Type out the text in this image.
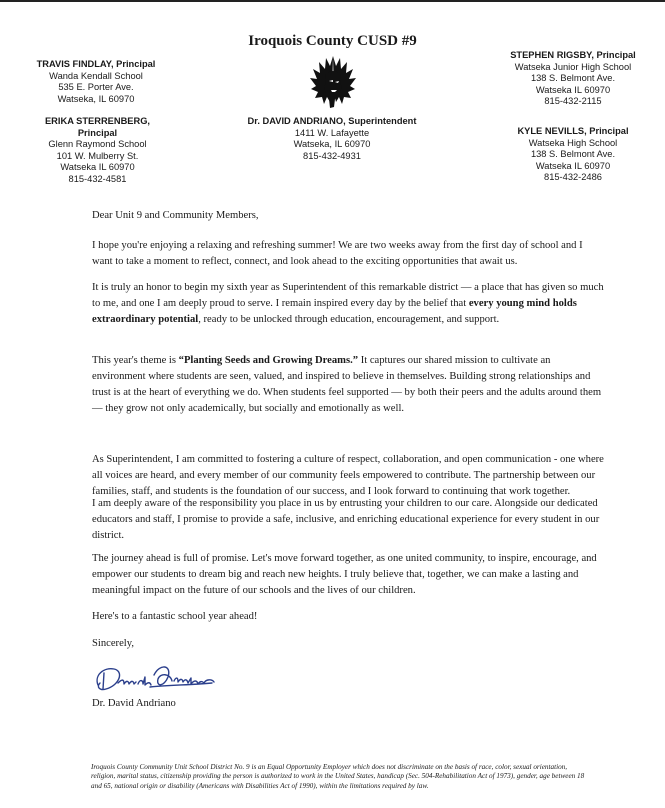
Iroquois County CUSD #9
TRAVIS FINDLAY, Principal
Wanda Kendall School
535 E. Porter Ave.
Watseka, IL 60970
ERIKA STERRENBERG, Principal
Glenn Raymond School
101 W. Mulberry St.
Watseka IL 60970
815-432-4581
Dr. DAVID ANDRIANO, Superintendent
1411 W. Lafayette
Watseka, IL 60970
815-432-4931
STEPHEN RIGSBY, Principal
Watseka Junior High School
138 S. Belmont Ave.
Watseka IL 60970
815-432-2115
KYLE NEVILLS, Principal
Watseka High School
138 S. Belmont Ave.
Watseka IL 60970
815-432-2486

Dear Unit 9 and Community Members,

I hope you're enjoying a relaxing and refreshing summer! We are two weeks away from the first day of school and I want to take a moment to reflect, connect, and look ahead to the exciting opportunities that await us.

It is truly an honor to begin my sixth year as Superintendent of this remarkable district — a place that has given so much to me, and one I am deeply proud to serve. I remain inspired every day by the belief that every young mind holds extraordinary potential, ready to be unlocked through education, encouragement, and support.

This year's theme is “Planting Seeds and Growing Dreams.” It captures our shared mission to cultivate an environment where students are seen, valued, and inspired to believe in themselves. Building strong relationships and trust is at the heart of everything we do. When students feel supported — by both their peers and the adults around them — they grow not only academically, but socially and emotionally as well.

As Superintendent, I am committed to fostering a culture of respect, collaboration, and open communication - one where all voices are heard, and every member of our community feels empowered to contribute. The partnership between our families, staff, and students is the foundation of our success, and I look forward to continuing that work together.

I am deeply aware of the responsibility you place in us by entrusting your children to our care. Alongside our dedicated educators and staff, I promise to provide a safe, inclusive, and enriching educational experience for every student in our district.

The journey ahead is full of promise. Let's move forward together, as one united community, to inspire, encourage, and empower our students to dream big and reach new heights. I truly believe that, together, we can make a lasting and meaningful impact on the future of our schools and the lives of our children.

Here's to a fantastic school year ahead!

Sincerely,

Dr. David Andriano
Iroquois County Community Unit School District No. 9 is an Equal Opportunity Employer which does not discriminate on the basis of race, color, sexual orientation, religion, marital status, citizenship providing the person is authorized to work in the United States, handicap (Sec. 504-Rehabilitation Act of 1973), gender, age between 18 and 65, national origin or disability (Americans with Disabilities Act of 1990), within the limitations required by law.
